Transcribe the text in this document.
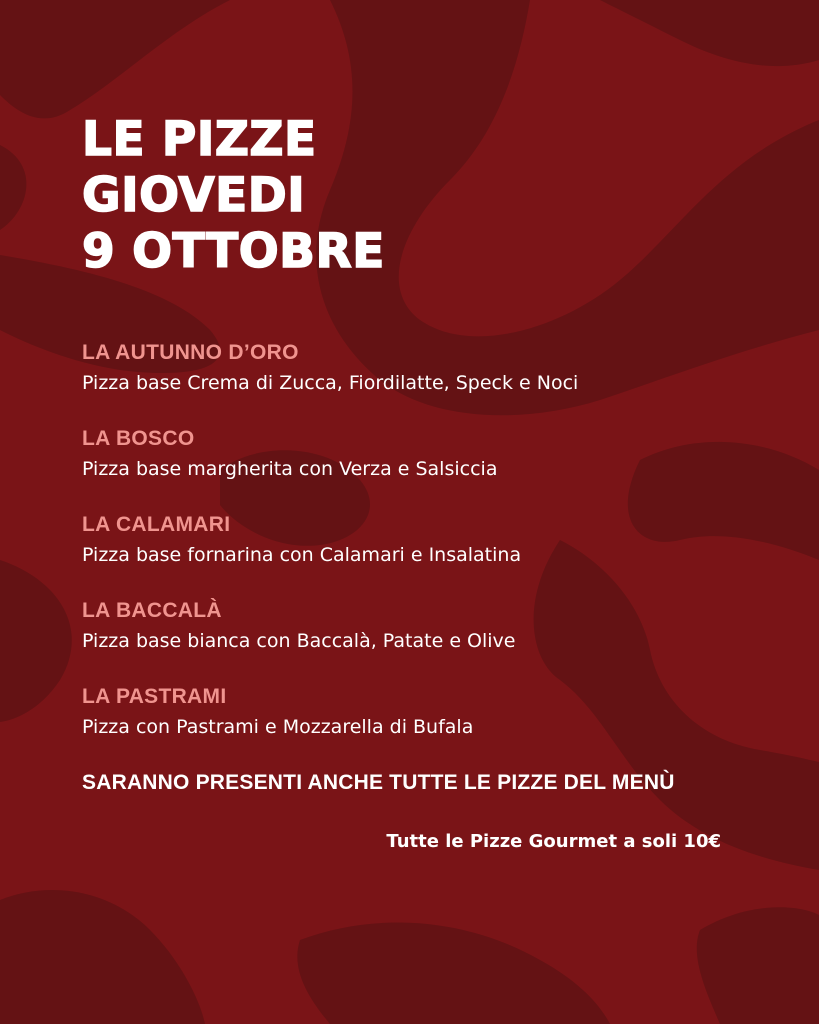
LE PIZZE
GIOVEDI
9 OTTOBRE
LA AUTUNNO D’ORO
Pizza base Crema di Zucca, Fiordilatte, Speck e Noci
LA BOSCO
Pizza base margherita con Verza e Salsiccia
LA CALAMARI
Pizza base fornarina con Calamari e Insalatina
LA BACCALÀ
Pizza base bianca con Baccalà, Patate e Olive
LA PASTRAMI
Pizza con Pastrami e Mozzarella di Bufala
SARANNO PRESENTI ANCHE TUTTE LE PIZZE DEL MENÙ
Tutte le Pizze Gourmet a soli 10€
